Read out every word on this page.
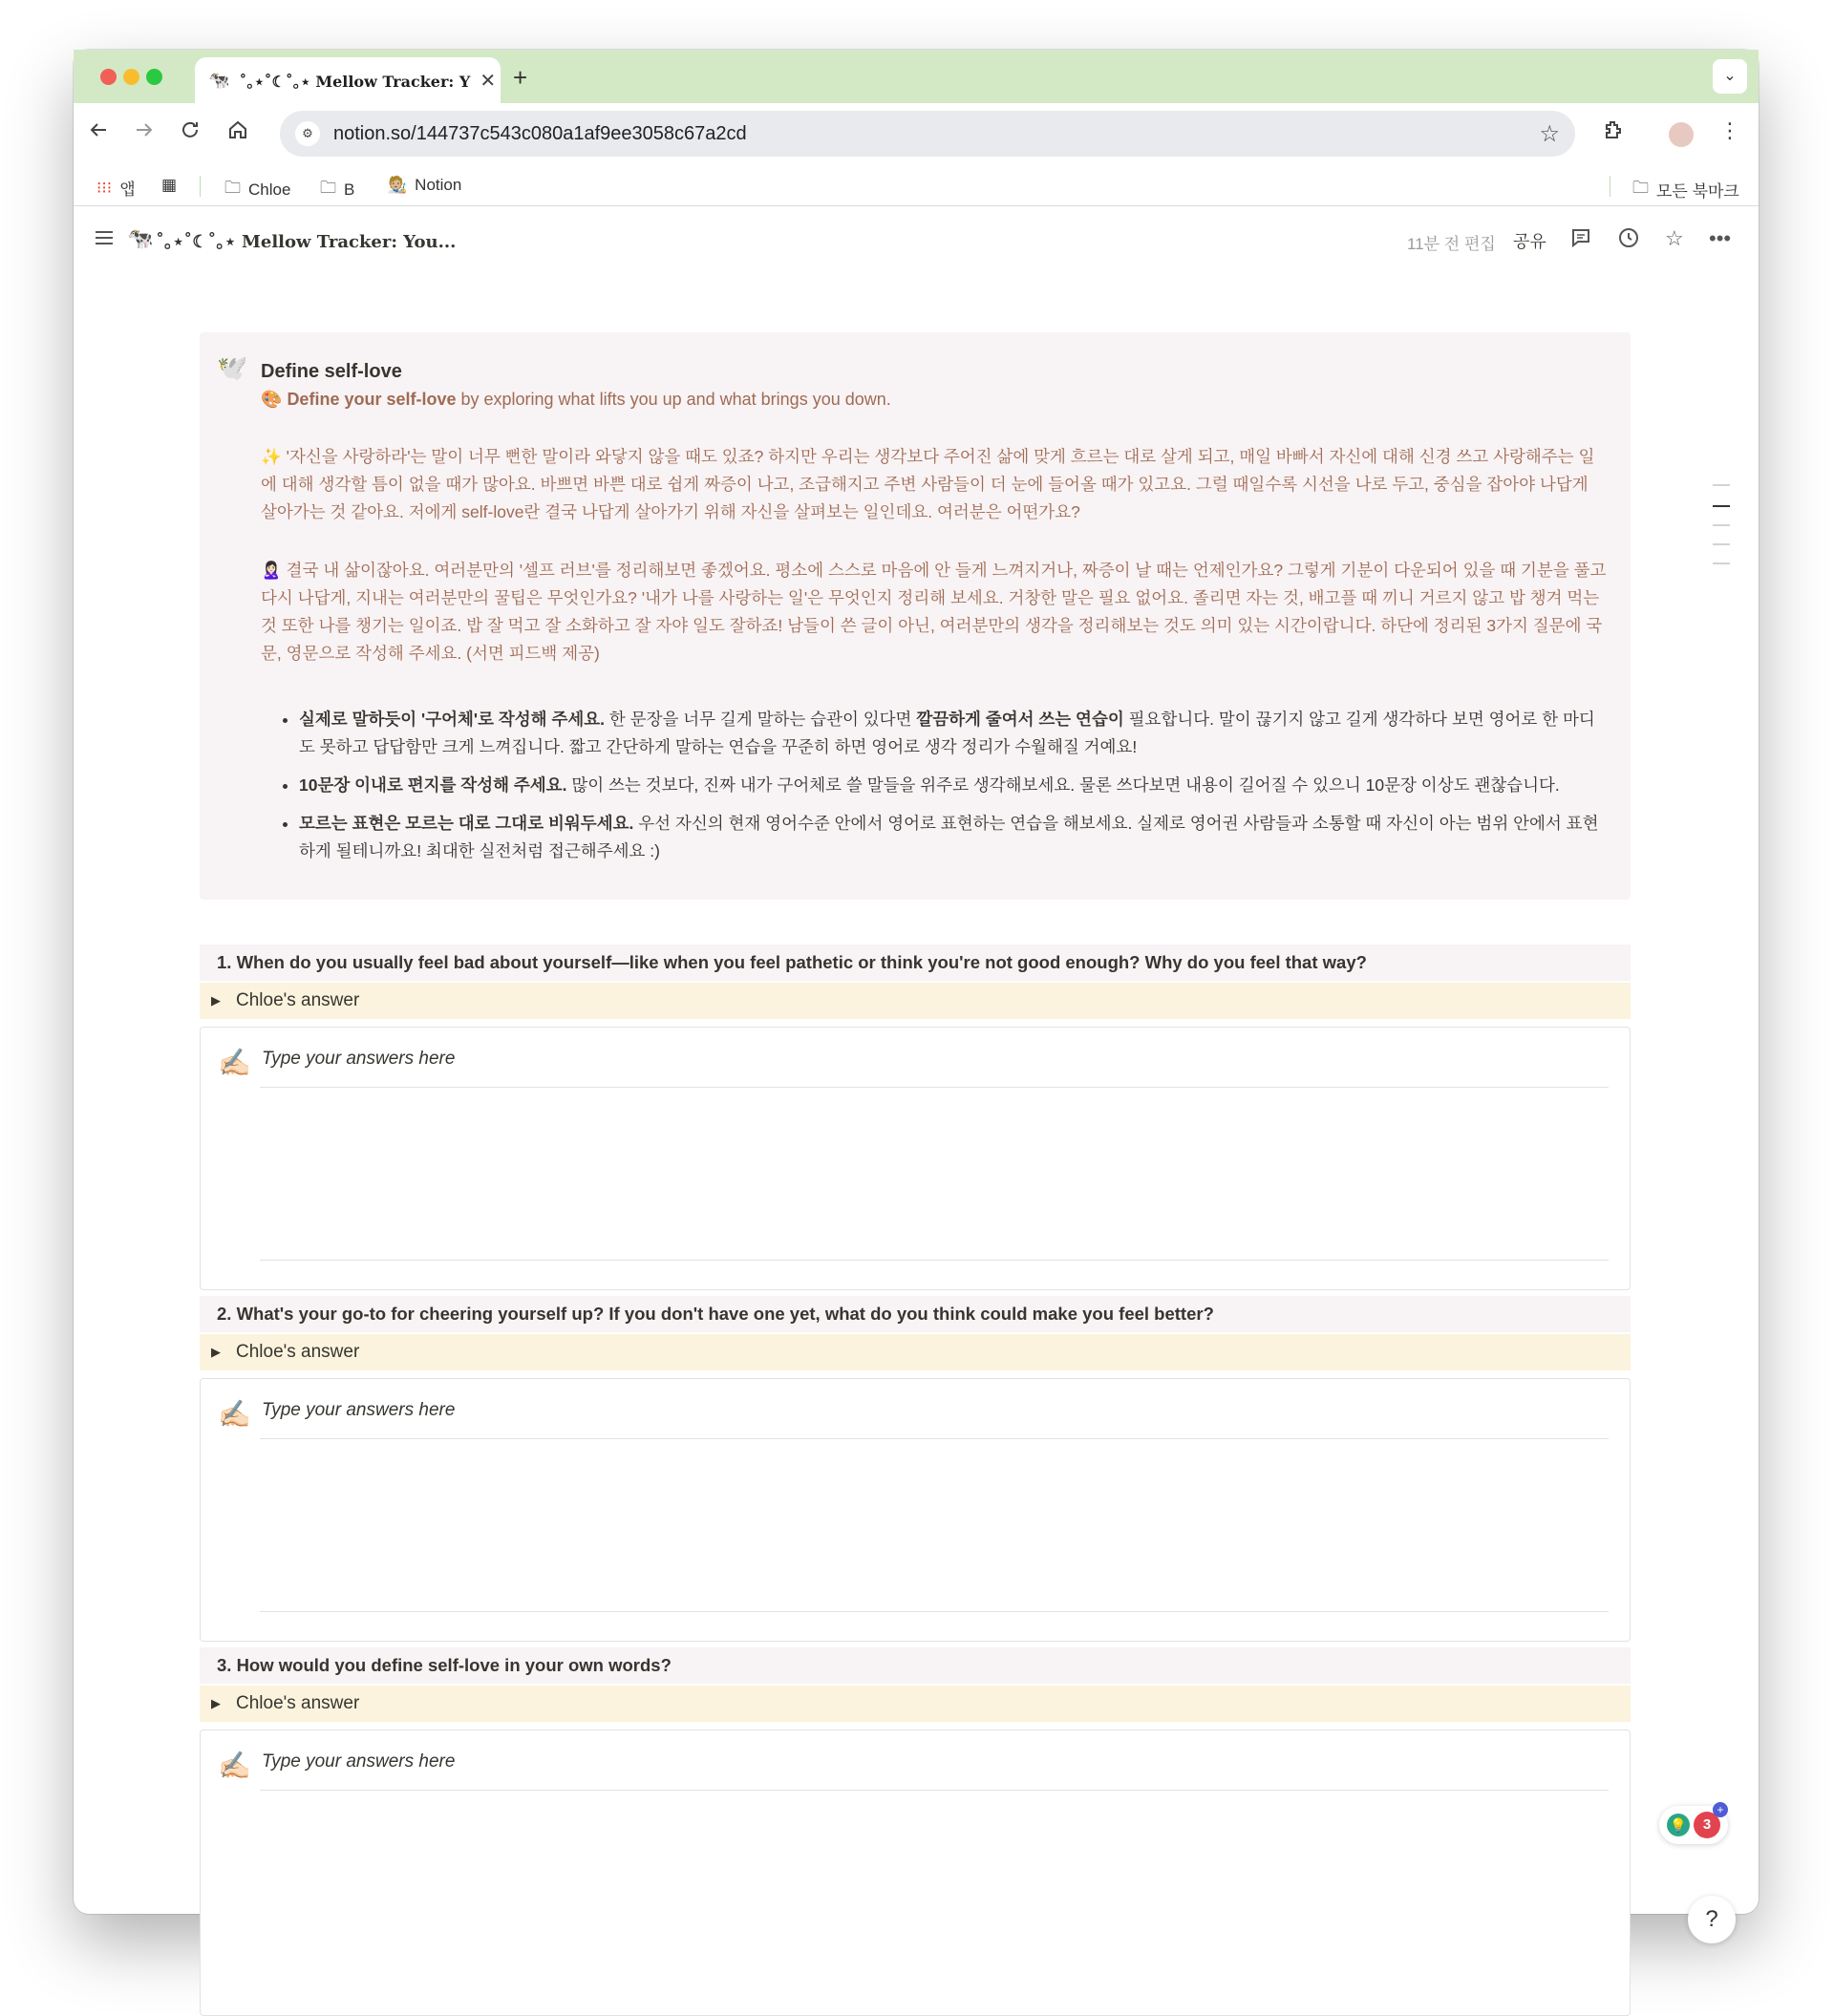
🐄 ˚｡⋆˚☾˚｡⋆ Mellow Tracker: Y ✕ +	⌄
⚙	notion.so/144737c543c080a1af9ee3058c67a2cd	☆	⋮
⁝⁝⁝ 앱 ▦	🗀 Chloe 🗀 B 🧑🏼‍🎨 Notion	🗀 모든 북마크
🐄 ˚｡⋆˚☾˚｡⋆ Mellow Tracker: You...	11분 전 편집 공유	☆ •••
🕊️ Define self-love
🎨 Define your self-love by exploring what lifts you up and what brings you down.
✨ '자신을 사랑하라'는 말이 너무 뻔한 말이라 와닿지 않을 때도 있죠? 하지만 우리는 생각보다 주어진 삶에 맞게 흐르는 대로 살게 되고, 매일 바빠서 자신에 대해 신경 쓰고 사랑해주는 일에 대해 생각할 틈이 없을 때가 많아요. 바쁘면 바쁜 대로 쉽게 짜증이 나고, 조급해지고 주변 사람들이 더 눈에 들어올 때가 있고요. 그럴 때일수록 시선을 나로 두고, 중심을 잡아야 나답게 살아가는 것 같아요. 저에게 self-love란 결국 나답게 살아가기 위해 자신을 살펴보는 일인데요. 여러분은 어떤가요?
🙎🏻‍♀️ 결국 내 삶이잖아요. 여러분만의 '셀프 러브'를 정리해보면 좋겠어요. 평소에 스스로 마음에 안 들게 느껴지거나, 짜증이 날 때는 언제인가요? 그렇게 기분이 다운되어 있을 때 기분을 풀고 다시 나답게, 지내는 여러분만의 꿀팁은 무엇인가요? '내가 나를 사랑하는 일'은 무엇인지 정리해 보세요. 거창한 말은 필요 없어요. 졸리면 자는 것, 배고플 때 끼니 거르지 않고 밥 챙겨 먹는 것 또한 나를 챙기는 일이죠. 밥 잘 먹고 잘 소화하고 잘 자야 일도 잘하죠! 남들이 쓴 글이 아닌, 여러분만의 생각을 정리해보는 것도 의미 있는 시간이랍니다. 하단에 정리된 3가지 질문에 국문, 영문으로 작성해 주세요. (서면 피드백 제공)
• 실제로 말하듯이 '구어체'로 작성해 주세요. 한 문장을 너무 길게 말하는 습관이 있다면 깔끔하게 줄여서 쓰는 연습이 필요합니다. 말이 끊기지 않고 길게 생각하다 보면 영어로 한 마디도 못하고 답답함만 크게 느껴집니다. 짧고 간단하게 말하는 연습을 꾸준히 하면 영어로 생각 정리가 수월해질 거예요!
• 10문장 이내로 편지를 작성해 주세요. 많이 쓰는 것보다, 진짜 내가 구어체로 쓸 말들을 위주로 생각해보세요. 물론 쓰다보면 내용이 길어질 수 있으니 10문장 이상도 괜찮습니다.
• 모르는 표현은 모르는 대로 그대로 비워두세요. 우선 자신의 현재 영어수준 안에서 영어로 표현하는 연습을 해보세요. 실제로 영어권 사람들과 소통할 때 자신이 아는 범위 안에서 표현하게 될테니까요! 최대한 실전처럼 접근해주세요 :)
1. When do you usually feel bad about yourself—like when you feel pathetic or think you're not good enough? Why do you feel that way?
▶ Chloe's answer
✍🏻 Type your answers here
2. What's your go-to for cheering yourself up? If you don't have one yet, what do you think could make you feel better?
▶ Chloe's answer
✍🏻 Type your answers here
3. How would you define self-love in your own words?
▶ Chloe's answer
✍🏻 Type your answers here
💡	3
+
?
